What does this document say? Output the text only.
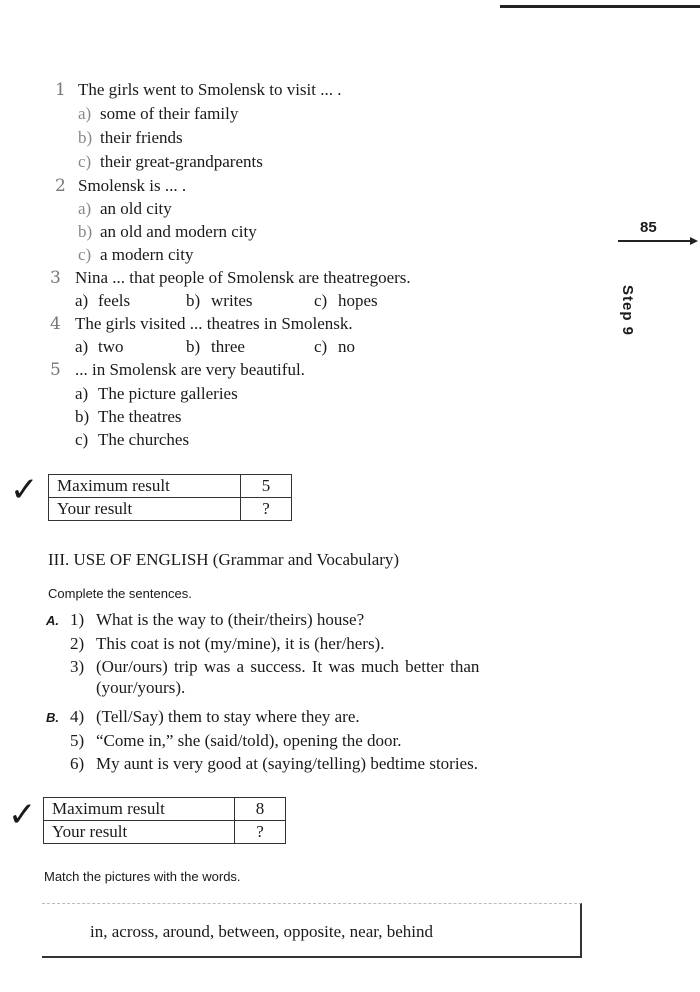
85
Step 9
1 The girls went to Smolensk to visit ... .
a) some of their family
b) their friends
c) their great-grandparents
2 Smolensk is ... .
a) an old city
b) an old and modern city
c) a modern city
3 Nina ... that people of Smolensk are theatregoers.
a) feels	b) writes	c) hopes
4 The girls visited ... theatres in Smolensk.
a) two	b) three	c) no
5 ... in Smolensk are very beautiful.
a) The picture galleries
b) The theatres
c) The churches
✓ Maximum result	5
Your result	?
III. USE OF ENGLISH (Grammar and Vocabulary)
Complete the sentences.
A. 1) What is the way to (their/theirs) house?
2) This coat is not (my/mine), it is (her/hers).
3) (Our/ours) trip was a success. It was much better than
(your/yours).
B. 4) (Tell/Say) them to stay where they are.
5) “Come in,” she (said/told), opening the door.
6) My aunt is very good at (saying/telling) bedtime stories.
✓ Maximum result	8
Your result	?
Match the pictures with the words.
in, across, around, between, opposite, near, behind
